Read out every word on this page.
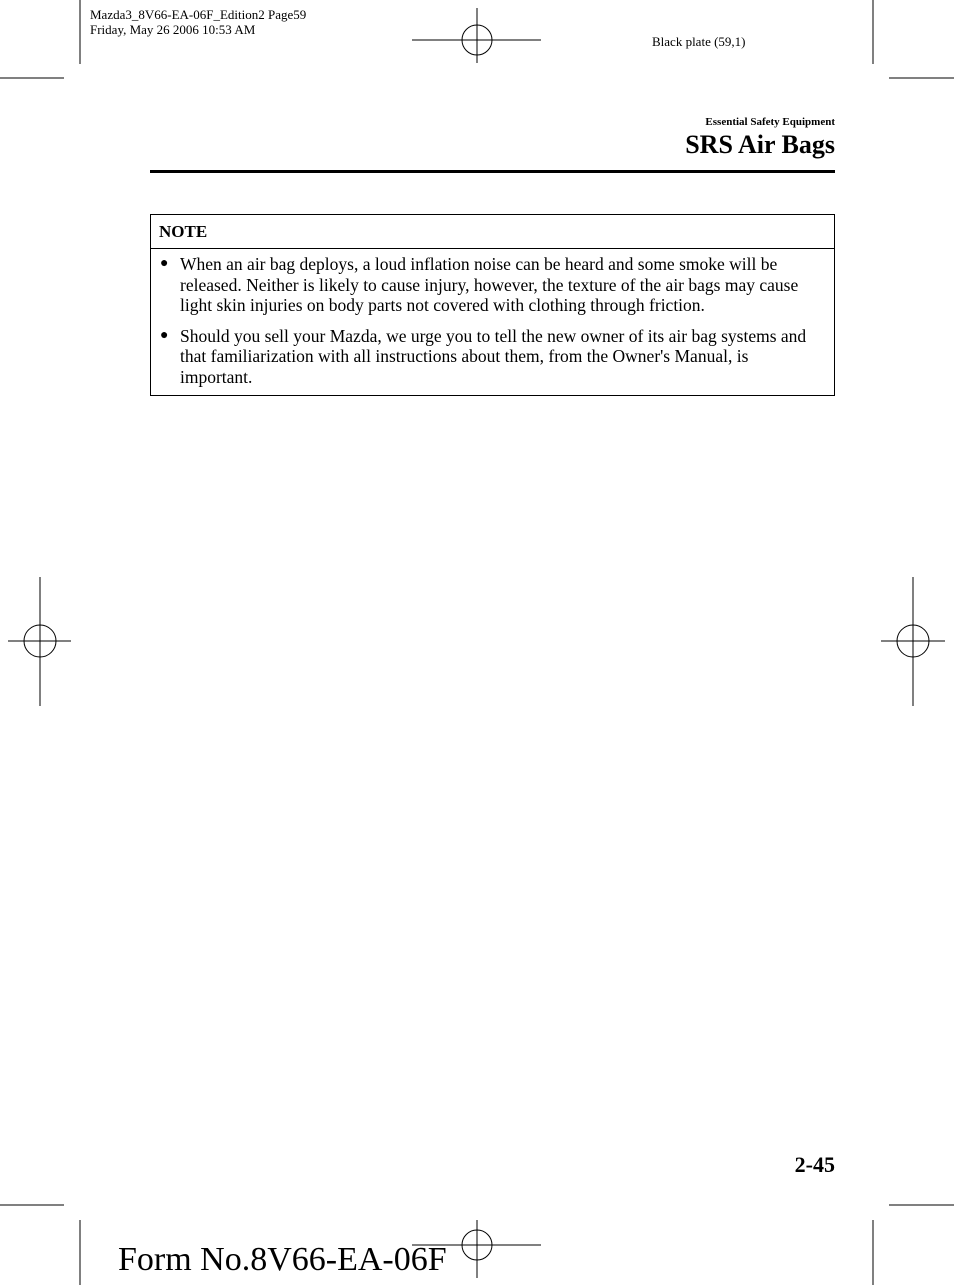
Mazda3_8V66-EA-06F_Edition2 Page59
Friday, May 26 2006 10:53 AM
Black plate (59,1)
Essential Safety Equipment
SRS Air Bags
NOTE
● When an air bag deploys, a loud inflation noise can be heard and some smoke will be released. Neither is likely to cause injury, however, the texture of the air bags may cause light skin injuries on body parts not covered with clothing through friction.
● Should you sell your Mazda, we urge you to tell the new owner of its air bag systems and that familiarization with all instructions about them, from the Owner's Manual, is important.
2-45
Form No.8V66-EA-06F
